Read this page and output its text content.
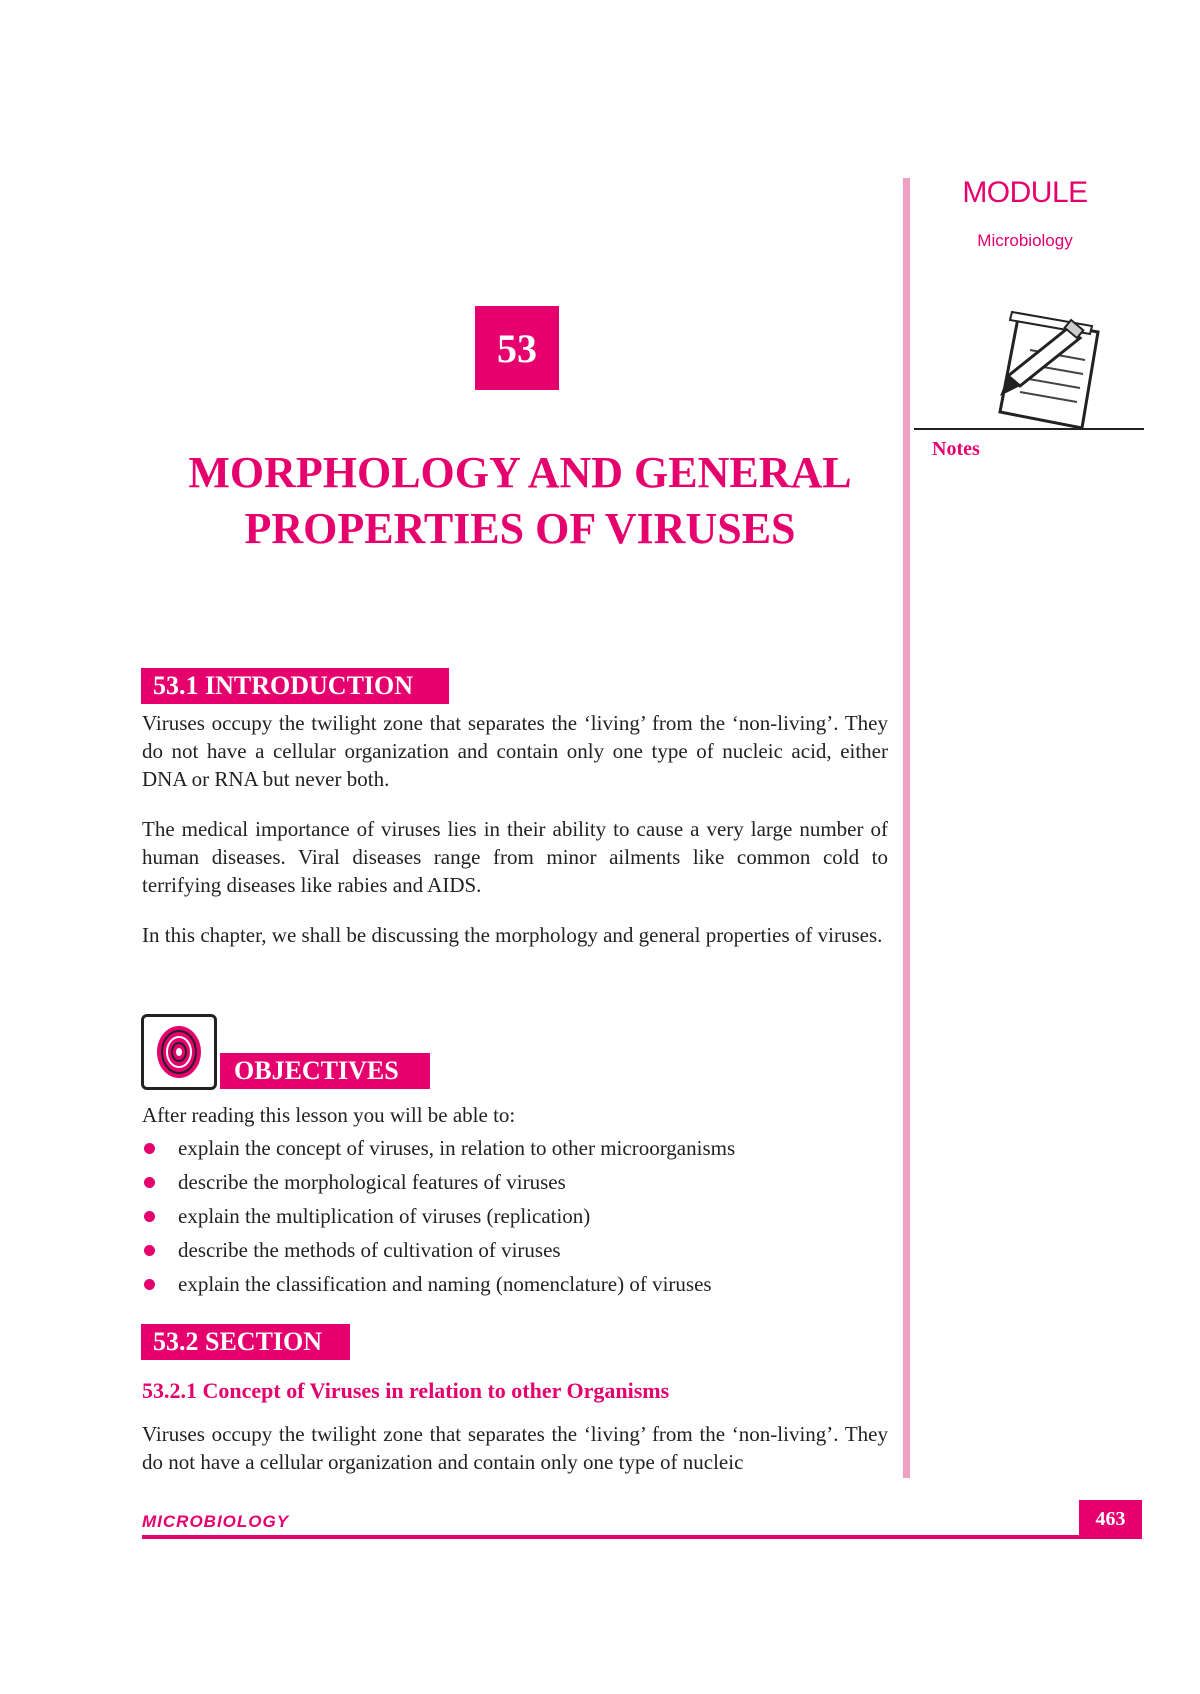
MODULE
Microbiology
Notes
53
MORPHOLOGY AND GENERAL
PROPERTIES OF VIRUSES
53.1 INTRODUCTION

Viruses occupy the twilight zone that separates the ‘living’ from the ‘non-living’. They do not have a cellular organization and contain only one type of nucleic acid, either DNA or RNA but never both.

The medical importance of viruses lies in their ability to cause a very large number of human diseases. Viral diseases range from minor ailments like common cold to terrifying diseases like rabies and AIDS.

In this chapter, we shall be discussing the morphology and general properties of viruses.

OBJECTIVES

After reading this lesson you will be able to:

explain the concept of viruses, in relation to other microorganisms
describe the morphological features of viruses
explain the multiplication of viruses (replication)
describe the methods of cultivation of viruses
explain the classification and naming (nomenclature) of viruses
53.2 SECTION
53.2.1 Concept of Viruses in relation to other Organisms

Viruses occupy the twilight zone that separates the ‘living’ from the ‘non-living’. They do not have a cellular organization and contain only one type of nucleic

MICROBIOLOGY	463
